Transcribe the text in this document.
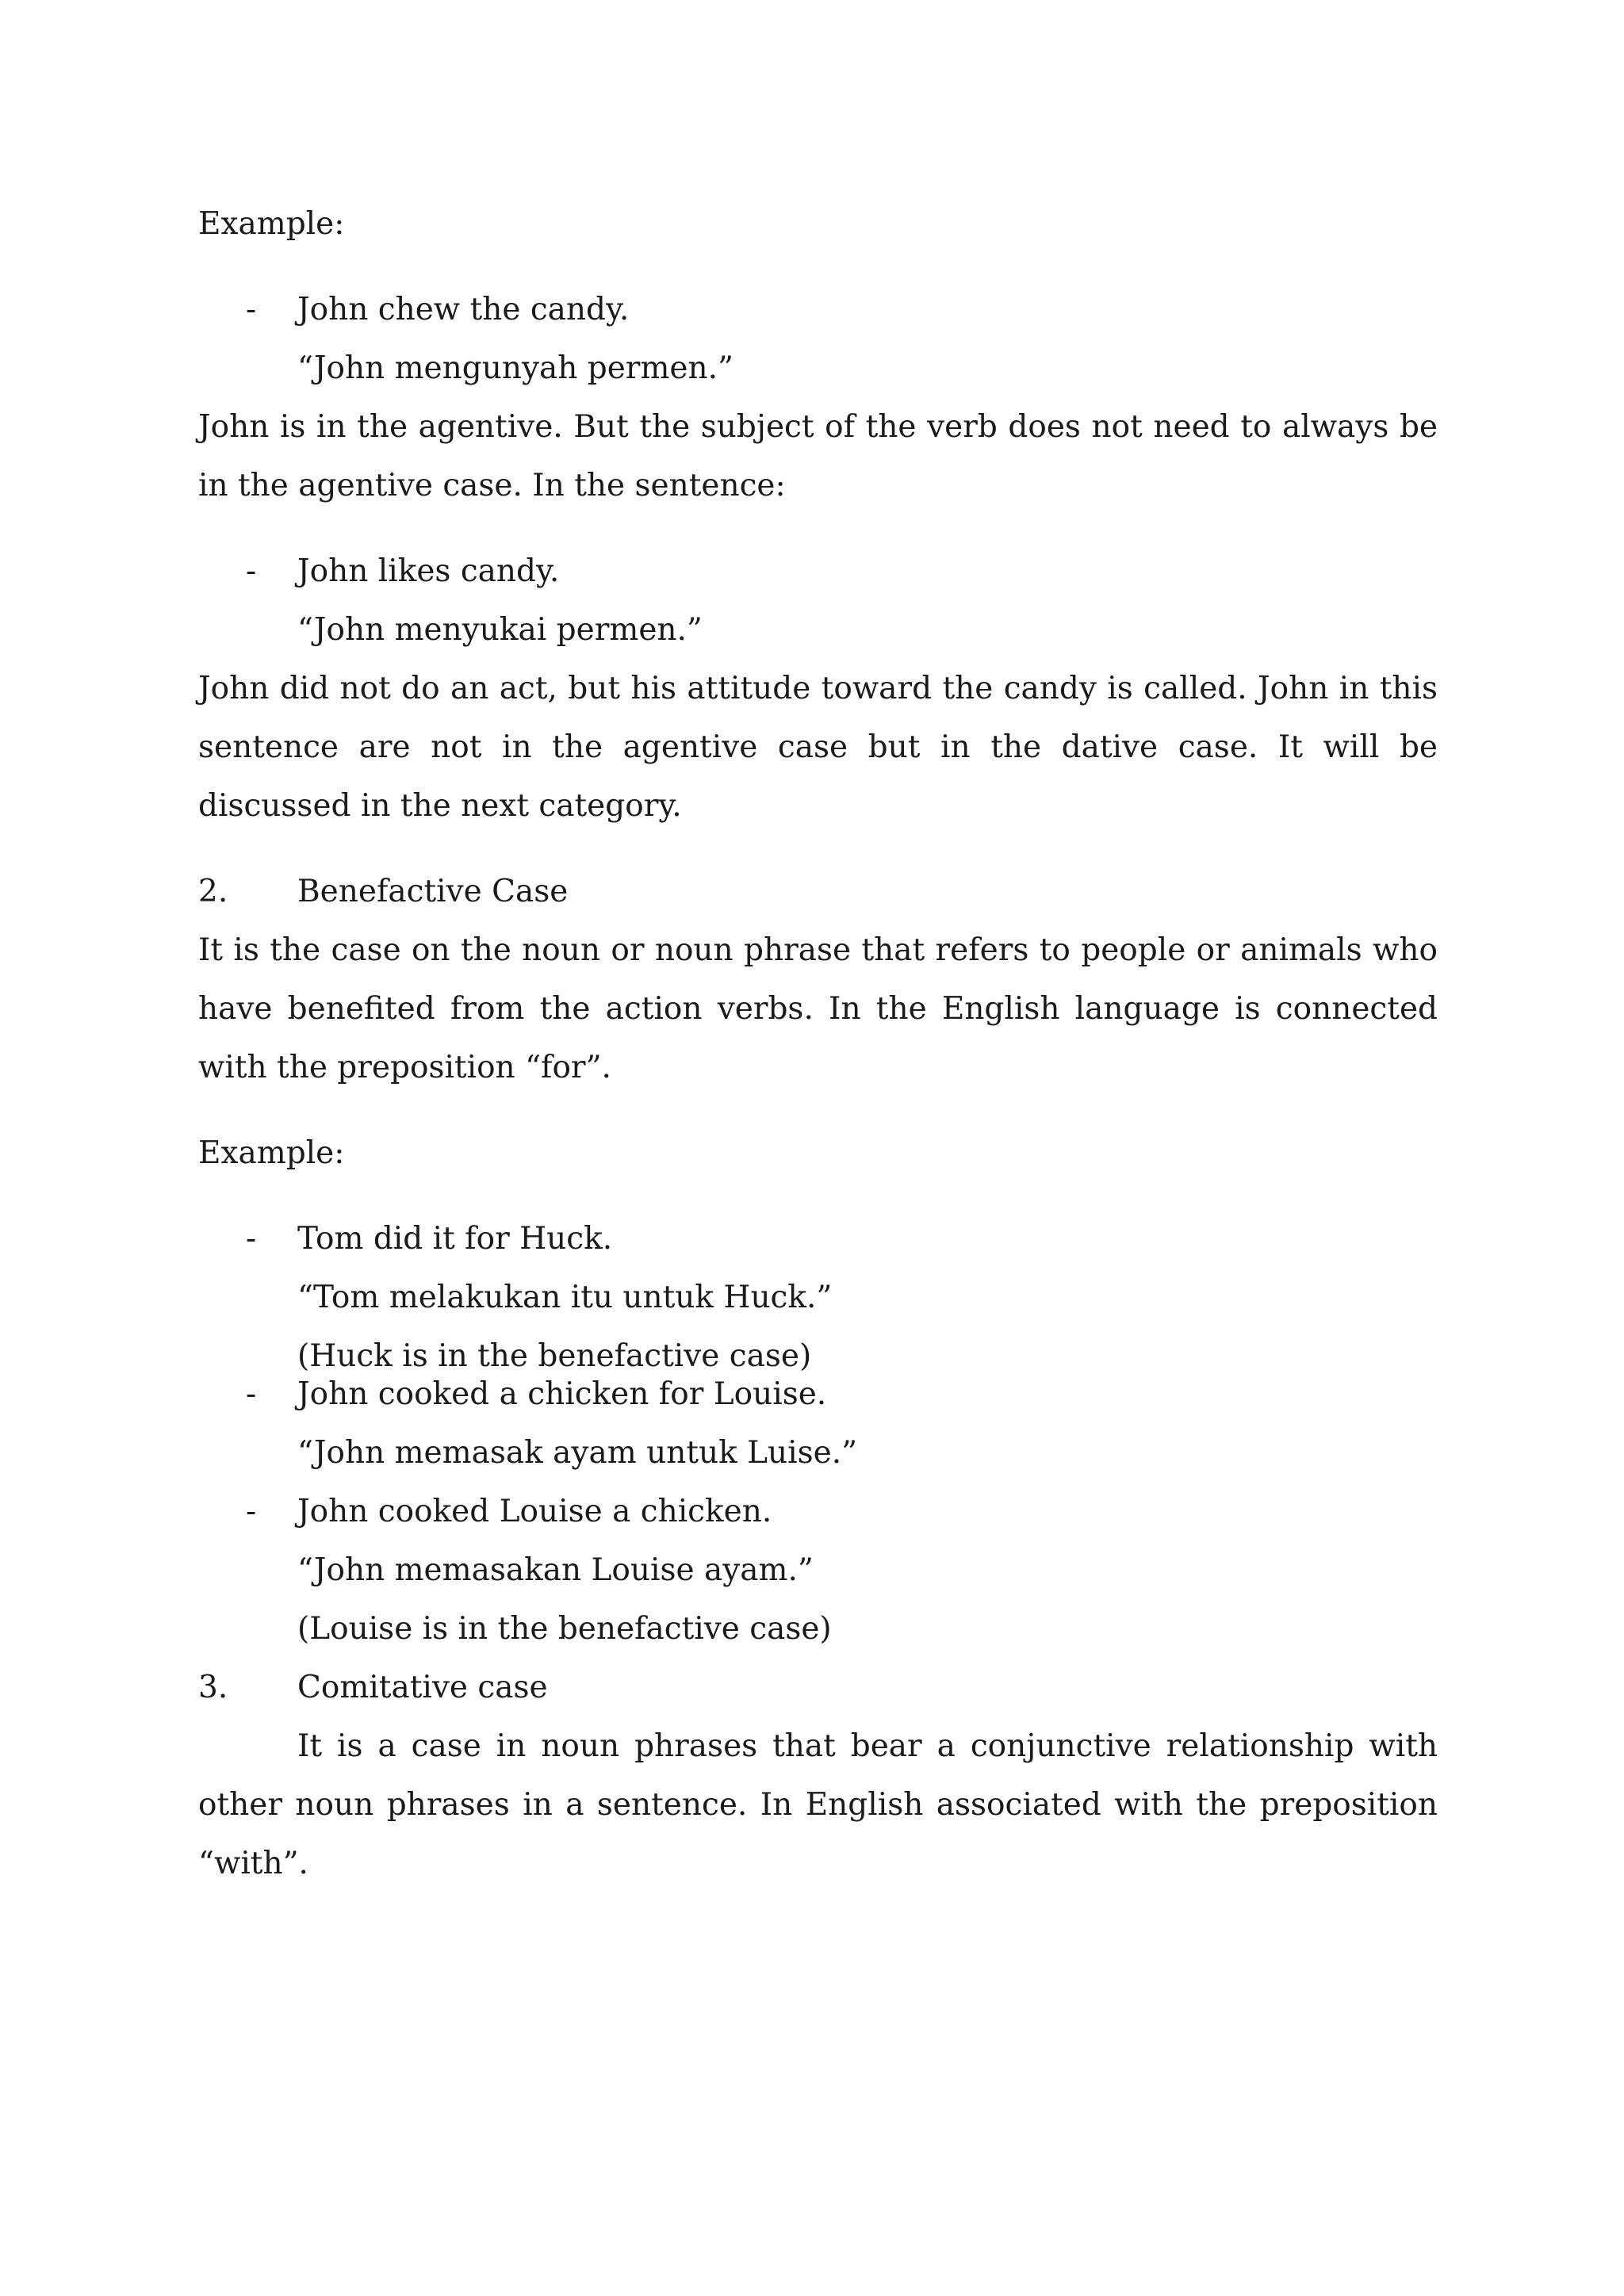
Example:

- John chew the candy.

“John mengunyah permen.”

John is in the agentive. But the subject of the verb does not need to always be in the agentive case. In the sentence:

- John likes candy.

“John menyukai permen.”

John did not do an act, but his attitude toward the candy is called. John in this sentence are not in the agentive case but in the dative case. It will be discussed in the next category.

2. Benefactive Case

It is the case on the noun or noun phrase that refers to people or animals who have benefited from the action verbs. In the English language is connected with the preposition “for”.

Example:

- Tom did it for Huck.

“Tom melakukan itu untuk Huck.”

(Huck is in the benefactive case)

- John cooked a chicken for Louise.

“John memasak ayam untuk Luise.”

- John cooked Louise a chicken.

“John memasakan Louise ayam.”

(Louise is in the benefactive case)

3. Comitative case

It is a case in noun phrases that bear a conjunctive relationship with other noun phrases in a sentence. In English associated with the preposition “with”.
